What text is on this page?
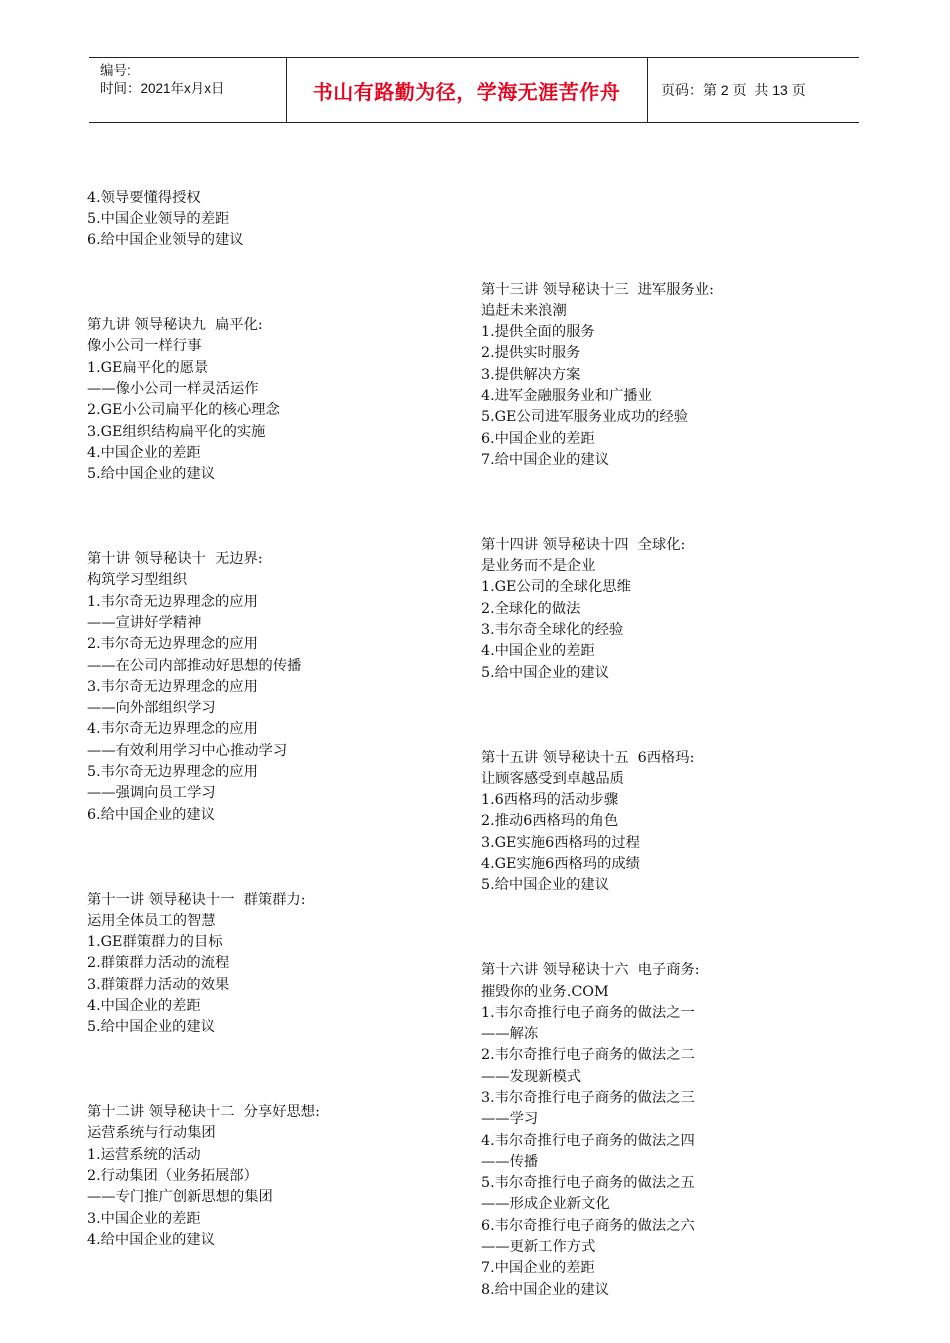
编号:
时间：2021年x月x日	书山有路勤为径，学海无涯苦作舟	页码：第 2 页  共 13 页

4.领导要懂得授权
5.中国企业领导的差距
6.给中国企业领导的建议

第九讲 领导秘诀九  扁平化:
像小公司一样行事
1.GE扁平化的愿景
——像小公司一样灵活运作
2.GE小公司扁平化的核心理念
3.GE组织结构扁平化的实施
4.中国企业的差距
5.给中国企业的建议

第十讲 领导秘诀十  无边界:
构筑学习型组织
1.韦尔奇无边界理念的应用
——宣讲好学精神
2.韦尔奇无边界理念的应用
——在公司内部推动好思想的传播
3.韦尔奇无边界理念的应用
——向外部组织学习
4.韦尔奇无边界理念的应用
——有效利用学习中心推动学习
5.韦尔奇无边界理念的应用
——强调向员工学习
6.给中国企业的建议

第十一讲 领导秘诀十一  群策群力:
运用全体员工的智慧
1.GE群策群力的目标
2.群策群力活动的流程
3.群策群力活动的效果
4.中国企业的差距
5.给中国企业的建议

第十二讲 领导秘诀十二  分享好思想:
运营系统与行动集团
1.运营系统的活动
2.行动集团（业务拓展部）
——专门推广创新思想的集团
3.中国企业的差距
4.给中国企业的建议

第十三讲 领导秘诀十三  进军服务业:
追赶未来浪潮
1.提供全面的服务
2.提供实时服务
3.提供解决方案
4.进军金融服务业和广播业
5.GE公司进军服务业成功的经验
6.中国企业的差距
7.给中国企业的建议

第十四讲 领导秘诀十四  全球化:
是业务而不是企业
1.GE公司的全球化思维
2.全球化的做法
3.韦尔奇全球化的经验
4.中国企业的差距
5.给中国企业的建议

第十五讲 领导秘诀十五  6西格玛:
让顾客感受到卓越品质
1.6西格玛的活动步骤
2.推动6西格玛的角色
3.GE实施6西格玛的过程
4.GE实施6西格玛的成绩
5.给中国企业的建议

第十六讲 领导秘诀十六  电子商务:
摧毁你的业务.COM
1.韦尔奇推行电子商务的做法之一
——解冻
2.韦尔奇推行电子商务的做法之二
——发现新模式
3.韦尔奇推行电子商务的做法之三
——学习
4.韦尔奇推行电子商务的做法之四
——传播
5.韦尔奇推行电子商务的做法之五
——形成企业新文化
6.韦尔奇推行电子商务的做法之六
——更新工作方式
7.中国企业的差距
8.给中国企业的建议
